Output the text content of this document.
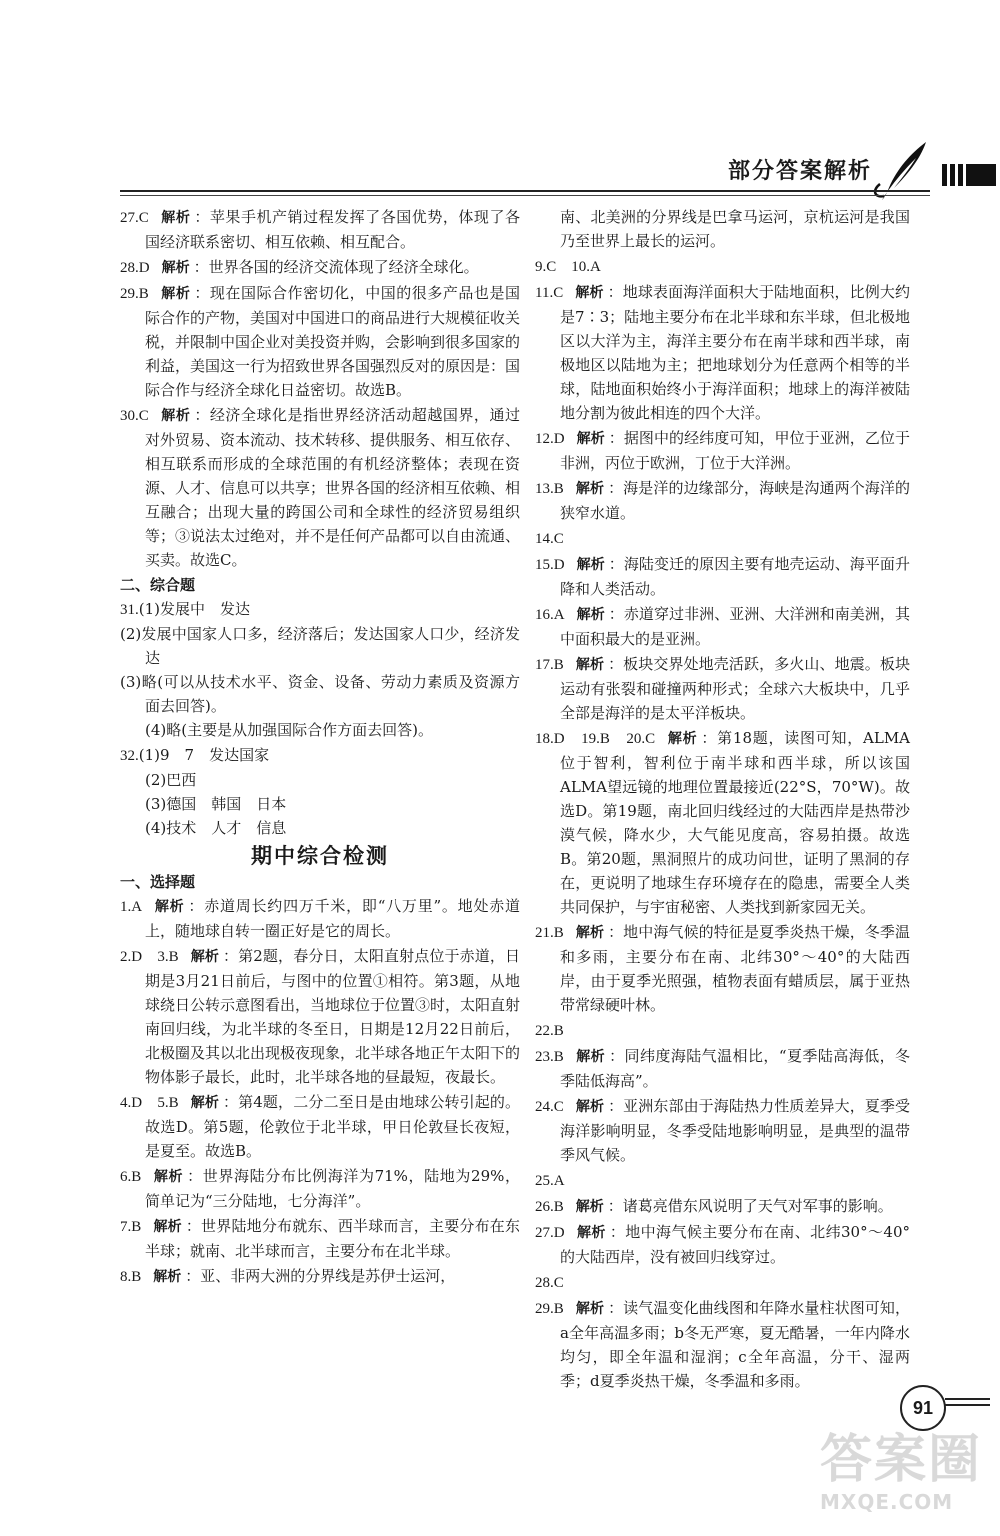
部分答案解析
27.C 解析 ：苹果手机产销过程发挥了各国优势，体现了各国经济联系密切、相互依赖、相互配合。
28.D 解析 ：世界各国的经济交流体现了经济全球化。
29.B 解析 ：现在国际合作密切化，中国的很多产品也是国际合作的产物，美国对中国进口的商品进行大规模征收关税，并限制中国企业对美投资并购，会影响到很多国家的利益，美国这一行为招致世界各国强烈反对的原因是：国际合作与经济全球化日益密切。故选B。
30.C 解析 ：经济全球化是指世界经济活动超越国界，通过对外贸易、资本流动、技术转移、提供服务、相互依存、相互联系而形成的全球范围的有机经济整体；表现在资源、人才、信息可以共享；世界各国的经济相互依赖、相互融合；出现大量的跨国公司和全球性的经济贸易组织等；③说法太过绝对，并不是任何产品都可以自由流通、买卖。故选C。

二、综合题

31.(1)发展中　发达
(2)发展中国家人口多，经济落后；发达国家人口少，经济发达
(3)略(可以从技术水平、资金、设备、劳动力素质及资源方面去回答)。
(4)略(主要是从加强国际合作方面去回答)。
32.(1)9　7　发达国家
(2)巴西
(3)德国　韩国　日本
(4)技术　人才　信息
期中综合检测

一、选择题

1.A 解析 ：赤道周长约四万千米，即“八万里”。地处赤道上，随地球自转一圈正好是它的周长。
2.D　3.B 解析 ：第2题，春分日，太阳直射点位于赤道，日期是3月21日前后，与图中的位置①相符。第3题，从地球绕日公转示意图看出，当地球位于位置③时，太阳直射南回归线，为北半球的冬至日，日期是12月22日前后，北极圈及其以北出现极夜现象，北半球各地正午太阳下的物体影子最长，此时，北半球各地的昼最短，夜最长。
4.D　5.B 解析 ：第4题，二分二至日是由地球公转引起的。故选D。第5题，伦敦位于北半球，甲日伦敦昼长夜短，是夏至。故选B。
6.B 解析 ：世界海陆分布比例海洋为71%，陆地为29%，简单记为“三分陆地，七分海洋”。
7.B 解析 ：世界陆地分布就东、西半球而言，主要分布在东半球；就南、北半球而言，主要分布在北半球。
8.B 解析 ：亚、非两大洲的分界线是苏伊士运河，
南、北美洲的分界线是巴拿马运河，京杭运河是我国乃至世界上最长的运河。
9.C　10.A
11.C 解析 ：地球表面海洋面积大于陆地面积，比例大约是7∶3；陆地主要分布在北半球和东半球，但北极地区以大洋为主，海洋主要分布在南半球和西半球，南极地区以陆地为主；把地球划分为任意两个相等的半球，陆地面积始终小于海洋面积；地球上的海洋被陆地分割为彼此相连的四个大洋。
12.D 解析 ：据图中的经纬度可知，甲位于亚洲，乙位于非洲，丙位于欧洲，丁位于大洋洲。
13.B 解析 ：海是洋的边缘部分，海峡是沟通两个海洋的狭窄水道。
14.C
15.D 解析 ：海陆变迁的原因主要有地壳运动、海平面升降和人类活动。
16.A 解析 ：赤道穿过非洲、亚洲、大洋洲和南美洲，其中面积最大的是亚洲。
17.B 解析 ：板块交界处地壳活跃，多火山、地震。板块运动有张裂和碰撞两种形式；全球六大板块中，几乎全部是海洋的是太平洋板块。
18.D　19.B　20.C 解析 ：第18题，读图可知，ALMA位于智利，智利位于南半球和西半球，所以该国ALMA望远镜的地理位置最接近(22°S，70°W)。故选D。第19题，南北回归线经过的大陆西岸是热带沙漠气候，降水少，大气能见度高，容易拍摄。故选B。第20题，黑洞照片的成功问世，证明了黑洞的存在，更说明了地球生存环境存在的隐患，需要全人类共同保护，与宇宙秘密、人类找到新家园无关。
21.B 解析 ：地中海气候的特征是夏季炎热干燥，冬季温和多雨，主要分布在南、北纬30°～40°的大陆西岸，由于夏季光照强，植物表面有蜡质层，属于亚热带常绿硬叶林。
22.B
23.B 解析 ：同纬度海陆气温相比，“夏季陆高海低，冬季陆低海高”。
24.C 解析 ：亚洲东部由于海陆热力性质差异大，夏季受海洋影响明显，冬季受陆地影响明显，是典型的温带季风气候。
25.A
26.B 解析 ：诸葛亮借东风说明了天气对军事的影响。
27.D 解析 ：地中海气候主要分布在南、北纬30°～40°的大陆西岸，没有被回归线穿过。
28.C
29.B 解析 ：读气温变化曲线图和年降水量柱状图可知，a全年高温多雨；b冬无严寒，夏无酷暑，一年内降水均匀，即全年温和湿润；c全年高温，分干、湿两季；d夏季炎热干燥，冬季温和多雨。
91
答案圈
MXQE.COM
